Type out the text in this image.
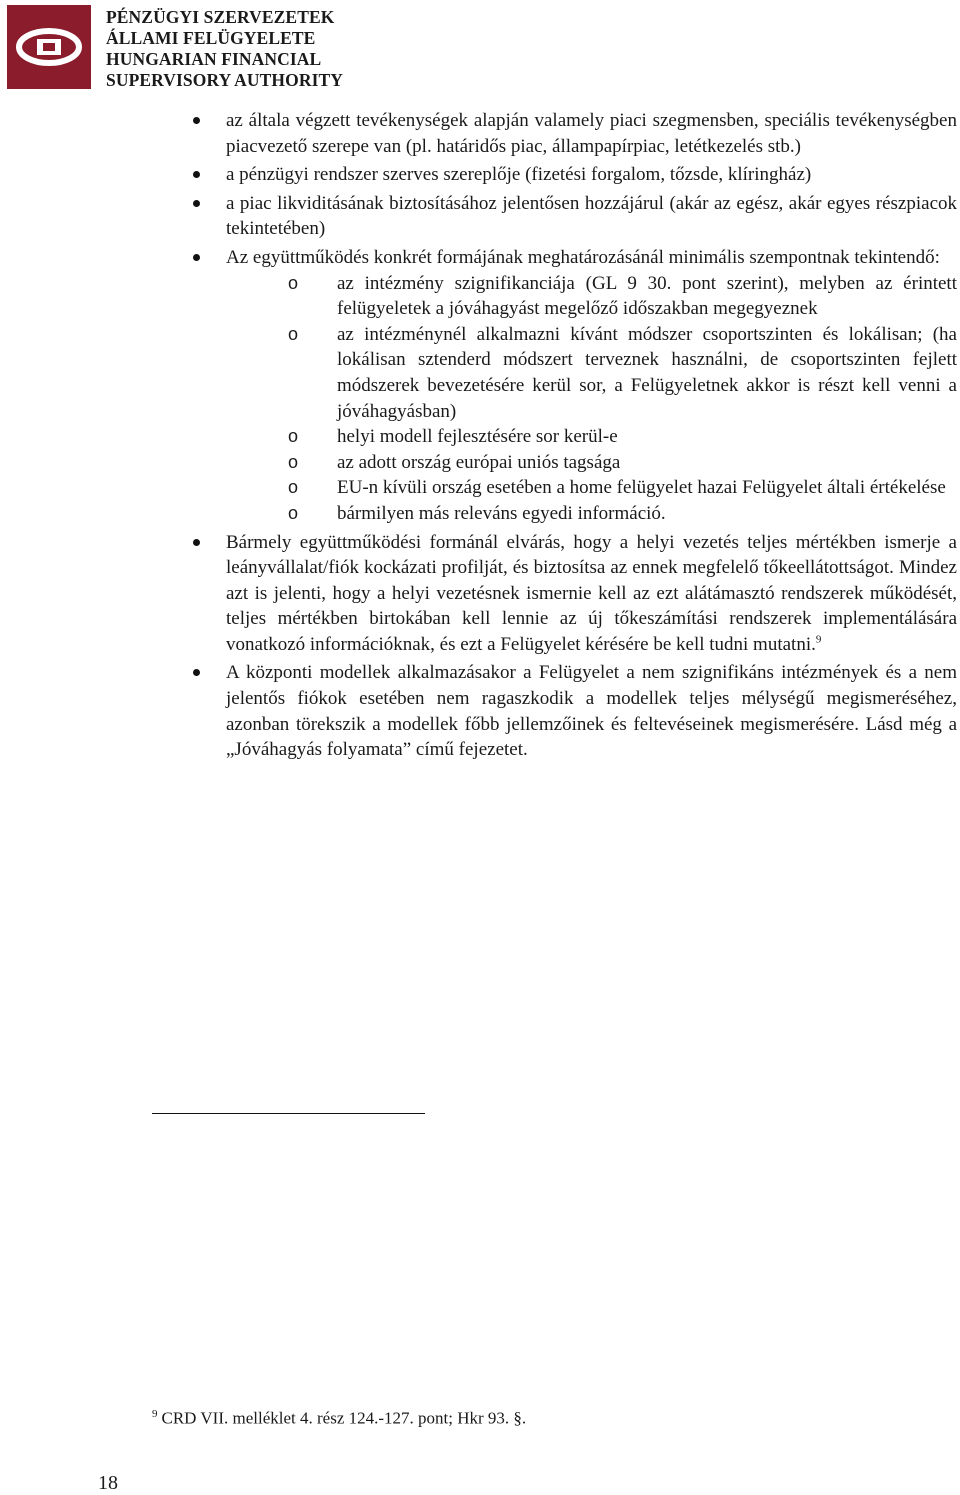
PÉNZÜGYI SZERVEZETEK
ÁLLAMI FELÜGYELETE
HUNGARIAN FINANCIAL
SUPERVISORY AUTHORITY
az általa végzett tevékenységek alapján valamely piaci szegmensben, speciális tevékenységben piacvezető szerepe van (pl. határidős piac, állampapírpiac, letétkezelés stb.)
a pénzügyi rendszer szerves szereplője (fizetési forgalom, tőzsde, klíringház)
a piac likviditásának biztosításához jelentősen hozzájárul (akár az egész, akár egyes részpiacok tekintetében)
Az együttműködés konkrét formájának meghatározásánál minimális szempontnak tekintendő:
o az intézmény szignifikanciája (GL 9 30. pont szerint), melyben az érintett felügyeletek a jóváhagyást megelőző időszakban megegyeznek
o az intézménynél alkalmazni kívánt módszer csoportszinten és lokálisan; (ha lokálisan sztenderd módszert terveznek használni, de csoportszinten fejlett módszerek bevezetésére kerül sor, a Felügyeletnek akkor is részt kell venni a jóváhagyásban)
o helyi modell fejlesztésére sor kerül-e
o az adott ország európai uniós tagsága
o EU-n kívüli ország esetében a home felügyelet hazai Felügyelet általi értékelése
o bármilyen más releváns egyedi információ.
Bármely együttműködési formánál elvárás, hogy a helyi vezetés teljes mértékben ismerje a leányvállalat/fiók kockázati profilját, és biztosítsa az ennek megfelelő tőkeellátottságot. Mindez azt is jelenti, hogy a helyi vezetésnek ismernie kell az ezt alátámasztó rendszerek működését, teljes mértékben birtokában kell lennie az új tőkeszámítási rendszerek implementálására vonatkozó információknak, és ezt a Felügyelet kérésére be kell tudni mutatni.$^9$
A központi modellek alkalmazásakor a Felügyelet a nem szignifikáns intézmények és a nem jelentős fiókok esetében nem ragaszkodik a modellek teljes mélységű megismeréséhez, azonban törekszik a modellek főbb jellemzőinek és feltevéseinek megismerésére. Lásd még a „Jóváhagyás folyamata” című fejezetet.
$^9$ CRD VII. melléklet 4. rész 124.-127. pont; Hkr 93. §.
18
